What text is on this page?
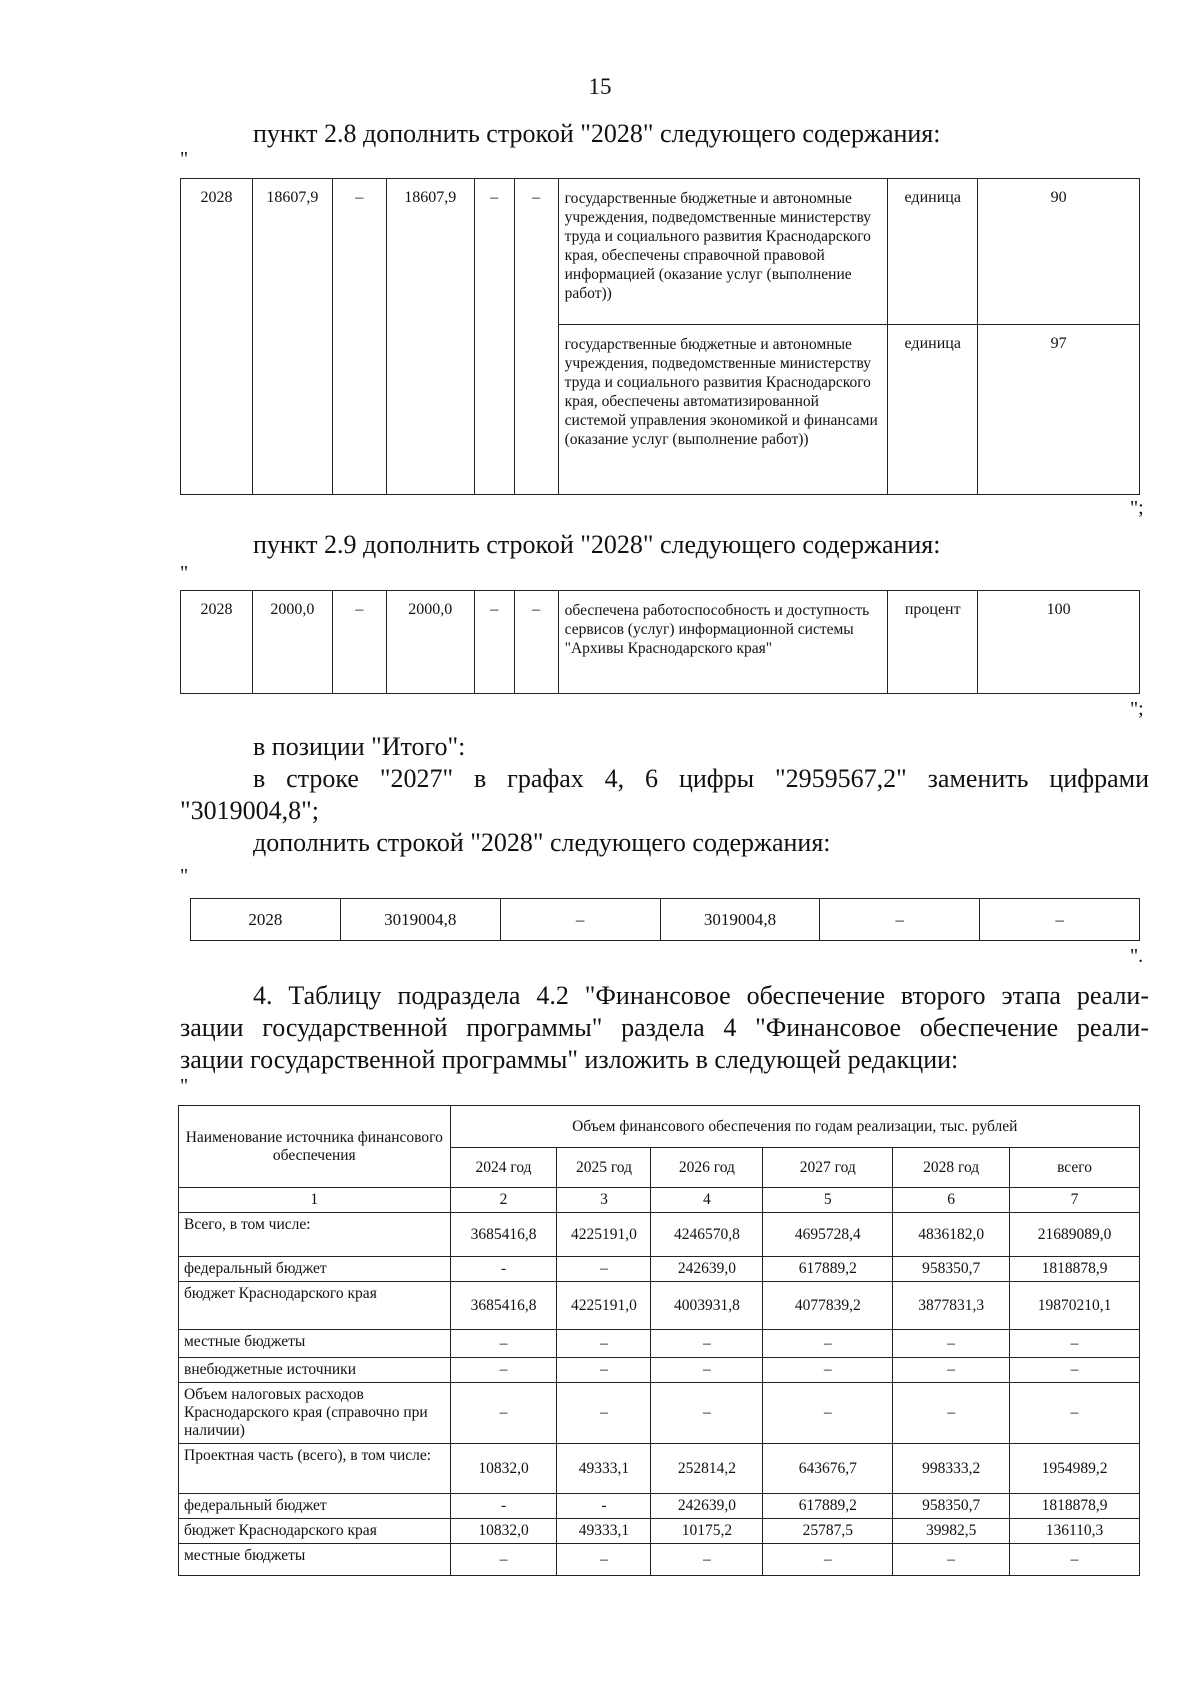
15
пункт 2.8 дополнить строкой "2028" следующего содержания:
"
2028	18607,9	–	18607,9	–	–	государственные бюджетные и автономные учреждения, подведомственные министерству труда и социального развития Краснодарского края, обеспечены справочной правовой информацией (оказание услуг (выполнение работ))	единица	90
						государственные бюджетные и автономные учреждения, подведомственные министерству труда и социального развития Краснодарского края, обеспечены автоматизированной системой управления экономикой и финансами (оказание услуг (выполнение работ))	единица	97
";
пункт 2.9 дополнить строкой "2028" следующего содержания:
"
2028	2000,0	–	2000,0	–	–	обеспечена работоспособность и доступность сервисов (услуг) информационной системы "Архивы Краснодарского края"	процент	100
";
в позиции "Итого":
в строке "2027" в графах 4, 6 цифры "2959567,2" заменить цифрами
"3019004,8";
дополнить строкой "2028" следующего содержания:
"
2028	3019004,8	–	3019004,8	–	–
".
4. Таблицу подраздела 4.2 "Финансовое обеспечение второго этапа реали-
зации государственной программы" раздела 4 "Финансовое обеспечение реали-
зации государственной программы" изложить в следующей редакции:
"
Наименование источника финансового обеспечения	Объем финансового обеспечения по годам реализации, тыс. рублей					
	2024 год	2025 год	2026 год	2027 год	2028 год	всего
1	2	3	4	5	6	7
Всего, в том числе:	3685416,8	4225191,0	4246570,8	4695728,4	4836182,0	21689089,0
федеральный бюджет	-	–	242639,0	617889,2	958350,7	1818878,9
бюджет Краснодарского края	3685416,8	4225191,0	4003931,8	4077839,2	3877831,3	19870210,1
местные бюджеты	–	–	–	–	–	–
внебюджетные источники	–	–	–	–	–	–
Объем налоговых расходов Краснодарского края (справочно при наличии)	–	–	–	–	–	–
Проектная часть (всего), в том числе:	10832,0	49333,1	252814,2	643676,7	998333,2	1954989,2
федеральный бюджет	-	-	242639,0	617889,2	958350,7	1818878,9
бюджет Краснодарского края	10832,0	49333,1	10175,2	25787,5	39982,5	136110,3
местные бюджеты	–	–	–	–	–	–
